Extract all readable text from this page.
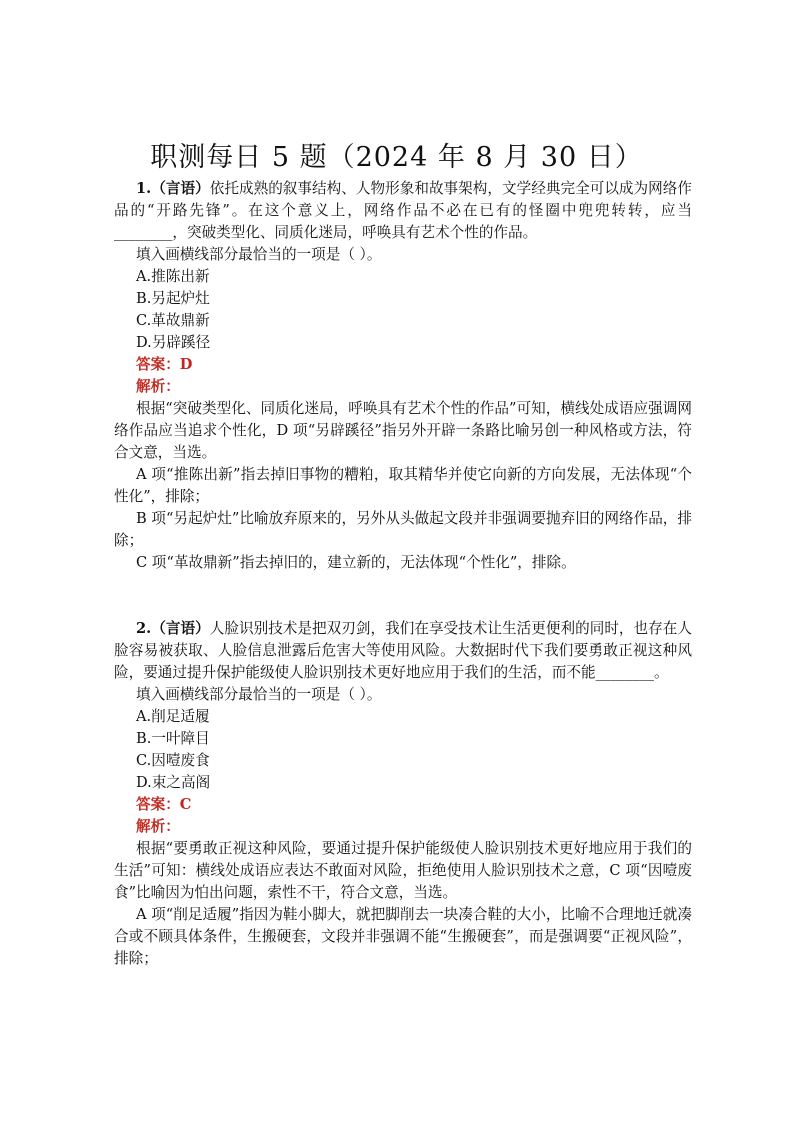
职测每日 5 题（2024 年 8 月 30 日）

1.（言语）依托成熟的叙事结构、人物形象和故事架构，文学经典完全可以成为网络作品的“开路先锋”。在这个意义上，网络作品不必在已有的怪圈中兜兜转转，应当________，突破类型化、同质化迷局，呼唤具有艺术个性的作品。

填入画横线部分最恰当的一项是（ ）。

A.推陈出新

B.另起炉灶

C.革故鼎新

D.另辟蹊径

答案：D

解析：

根据“突破类型化、同质化迷局，呼唤具有艺术个性的作品”可知，横线处成语应强调网络作品应当追求个性化，D 项“另辟蹊径”指另外开辟一条路比喻另创一种风格或方法，符合文意，当选。

A 项“推陈出新”指去掉旧事物的糟粕，取其精华并使它向新的方向发展，无法体现“个性化”，排除；

B 项“另起炉灶”比喻放弃原来的，另外从头做起文段并非强调要抛弃旧的网络作品，排除；

C 项“革故鼎新”指去掉旧的，建立新的，无法体现“个性化”，排除。

2.（言语）人脸识别技术是把双刃剑，我们在享受技术让生活更便利的同时，也存在人脸容易被获取、人脸信息泄露后危害大等使用风险。大数据时代下我们要勇敢正视这种风险，要通过提升保护能级使人脸识别技术更好地应用于我们的生活，而不能________。

填入画横线部分最恰当的一项是（ ）。

A.削足适履

B.一叶障目

C.因噎废食

D.束之高阁

答案：C

解析：

根据“要勇敢正视这种风险，要通过提升保护能级使人脸识别技术更好地应用于我们的生活”可知：横线处成语应表达不敢面对风险，拒绝使用人脸识别技术之意，C 项“因噎废食”比喻因为怕出问题，索性不干，符合文意，当选。

A 项“削足适履”指因为鞋小脚大，就把脚削去一块凑合鞋的大小，比喻不合理地迁就凑合或不顾具体条件，生搬硬套，文段并非强调不能“生搬硬套”，而是强调要“正视风险”，排除；
